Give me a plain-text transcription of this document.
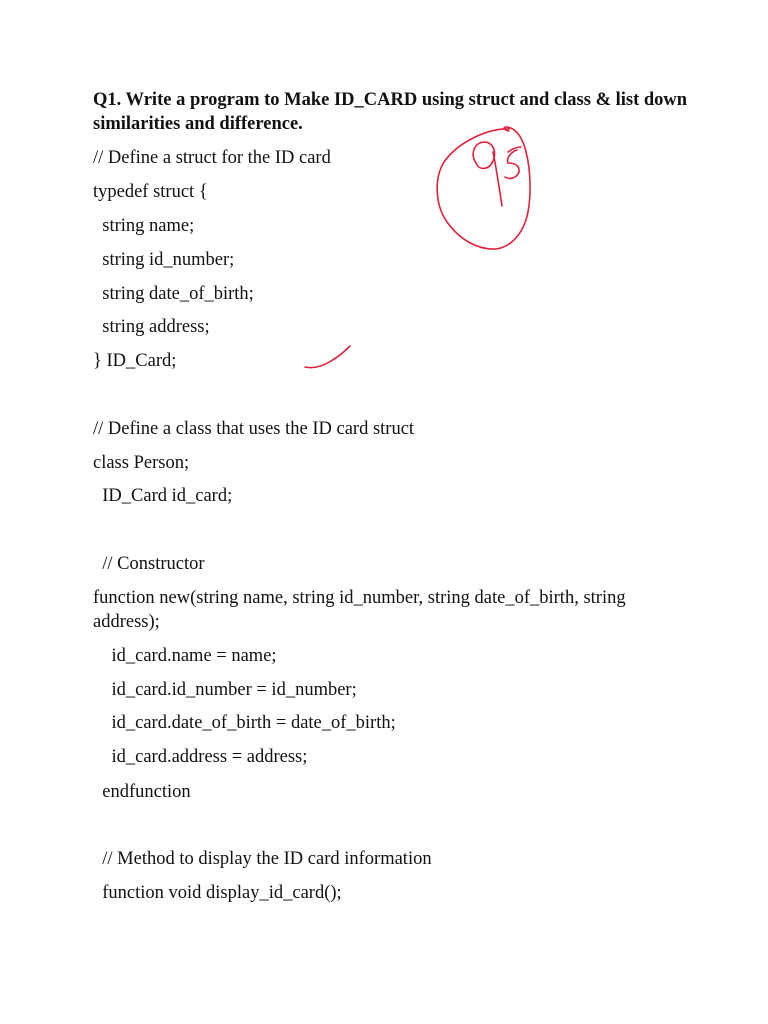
Q1. Write a program to Make ID_CARD using struct and class & list down similarities and difference.
// Define a struct for the ID card
typedef struct {
string name;
string id_number;
string date_of_birth;
string address;
} ID_Card;
// Define a class that uses the ID card struct
class Person;
ID_Card id_card;
// Constructor
function new(string name, string id_number, string date_of_birth, string address);
id_card.name = name;
id_card.id_number = id_number;
id_card.date_of_birth = date_of_birth;
id_card.address = address;
endfunction
// Method to display the ID card information
function void display_id_card();
